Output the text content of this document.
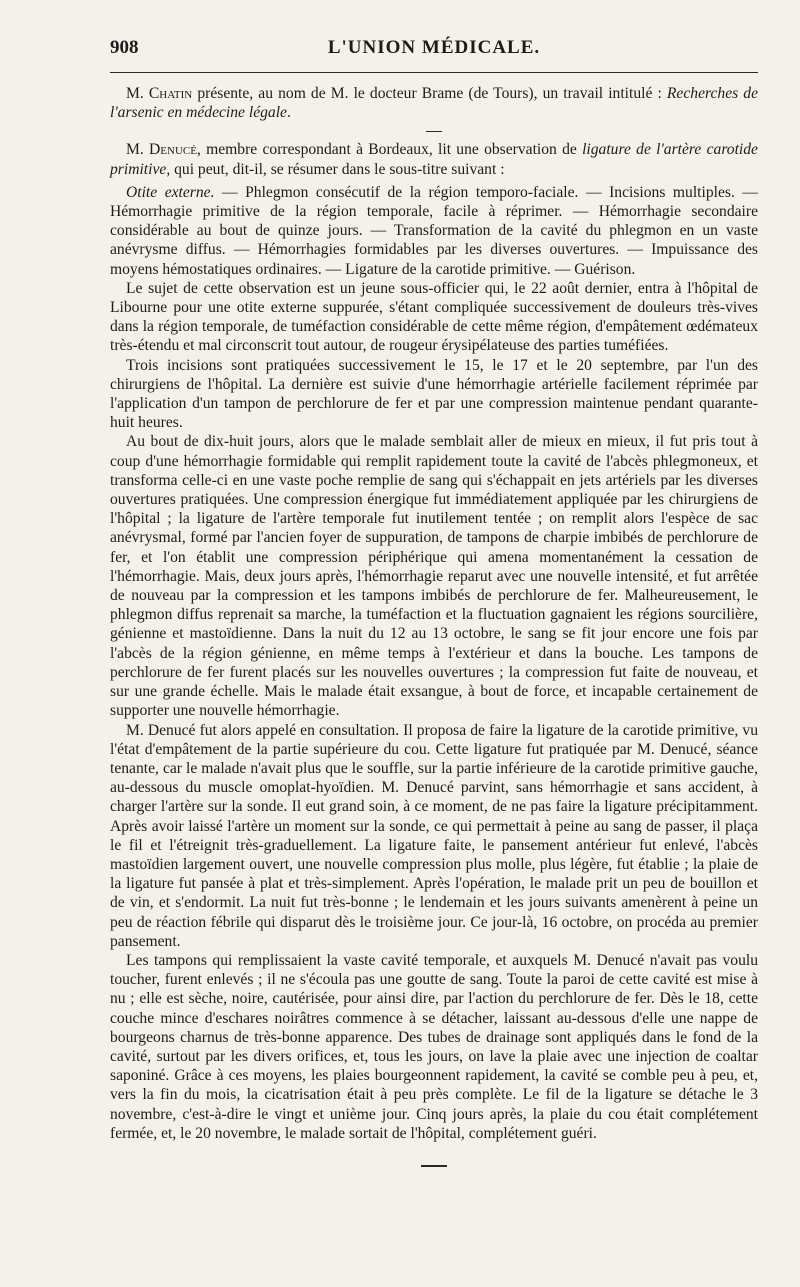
908	L'UNION MÉDICALE.

M. Chatin présente, au nom de M. le docteur Brame (de Tours), un travail intitulé : Recherches de l'arsenic en médecine légale.

M. Denucé, membre correspondant à Bordeaux, lit une observation de ligature de l'artère carotide primitive, qui peut, dit-il, se résumer dans le sous-titre suivant :

Otite externe. — Phlegmon consécutif de la région temporo-faciale. — Incisions multiples. — Hémorrhagie primitive de la région temporale, facile à réprimer. — Hémorrhagie secondaire considérable au bout de quinze jours. — Transformation de la cavité du phlegmon en un vaste anévrysme diffus. — Hémorrhagies formidables par les diverses ouvertures. — Impuissance des moyens hémostatiques ordinaires. — Ligature de la carotide primitive. — Guérison.

Le sujet de cette observation est un jeune sous-officier qui, le 22 août dernier, entra à l'hôpital de Libourne pour une otite externe suppurée, s'étant compliquée successivement de douleurs très-vives dans la région temporale, de tuméfaction considérable de cette même région, d'empâtement œdémateux très-étendu et mal circonscrit tout autour, de rougeur érysipélateuse des parties tuméfiées.

Trois incisions sont pratiquées successivement le 15, le 17 et le 20 septembre, par l'un des chirurgiens de l'hôpital. La dernière est suivie d'une hémorrhagie artérielle facilement réprimée par l'application d'un tampon de perchlorure de fer et par une compression maintenue pendant quarante-huit heures.

Au bout de dix-huit jours, alors que le malade semblait aller de mieux en mieux, il fut pris tout à coup d'une hémorrhagie formidable qui remplit rapidement toute la cavité de l'abcès phlegmoneux, et transforma celle-ci en une vaste poche remplie de sang qui s'échappait en jets artériels par les diverses ouvertures pratiquées. Une compression énergique fut immédiatement appliquée par les chirurgiens de l'hôpital ; la ligature de l'artère temporale fut inutilement tentée ; on remplit alors l'espèce de sac anévrysmal, formé par l'ancien foyer de suppuration, de tampons de charpie imbibés de perchlorure de fer, et l'on établit une compression périphérique qui amena momentanément la cessation de l'hémorrhagie. Mais, deux jours après, l'hémorrhagie reparut avec une nouvelle intensité, et fut arrêtée de nouveau par la compression et les tampons imbibés de perchlorure de fer. Malheureusement, le phlegmon diffus reprenait sa marche, la tuméfaction et la fluctuation gagnaient les régions sourcilière, génienne et mastoïdienne. Dans la nuit du 12 au 13 octobre, le sang se fit jour encore une fois par l'abcès de la région génienne, en même temps à l'extérieur et dans la bouche. Les tampons de perchlorure de fer furent placés sur les nouvelles ouvertures ; la compression fut faite de nouveau, et sur une grande échelle. Mais le malade était exsangue, à bout de force, et incapable certainement de supporter une nouvelle hémorrhagie.

M. Denucé fut alors appelé en consultation. Il proposa de faire la ligature de la carotide primitive, vu l'état d'empâtement de la partie supérieure du cou. Cette ligature fut pratiquée par M. Denucé, séance tenante, car le malade n'avait plus que le souffle, sur la partie inférieure de la carotide primitive gauche, au-dessous du muscle omoplat-hyoïdien. M. Denucé parvint, sans hémorrhagie et sans accident, à charger l'artère sur la sonde. Il eut grand soin, à ce moment, de ne pas faire la ligature précipitamment. Après avoir laissé l'artère un moment sur la sonde, ce qui permettait à peine au sang de passer, il plaça le fil et l'étreignit très-graduellement. La ligature faite, le pansement antérieur fut enlevé, l'abcès mastoïdien largement ouvert, une nouvelle compression plus molle, plus légère, fut établie ; la plaie de la ligature fut pansée à plat et très-simplement. Après l'opération, le malade prit un peu de bouillon et de vin, et s'endormit. La nuit fut très-bonne ; le lendemain et les jours suivants amenèrent à peine un peu de réaction fébrile qui disparut dès le troisième jour. Ce jour-là, 16 octobre, on procéda au premier pansement.

Les tampons qui remplissaient la vaste cavité temporale, et auxquels M. Denucé n'avait pas voulu toucher, furent enlevés ; il ne s'écoula pas une goutte de sang. Toute la paroi de cette cavité est mise à nu ; elle est sèche, noire, cautérisée, pour ainsi dire, par l'action du perchlorure de fer. Dès le 18, cette couche mince d'eschares noirâtres commence à se détacher, laissant au-dessous d'elle une nappe de bourgeons charnus de très-bonne apparence. Des tubes de drainage sont appliqués dans le fond de la cavité, surtout par les divers orifices, et, tous les jours, on lave la plaie avec une injection de coaltar saponiné. Grâce à ces moyens, les plaies bourgeonnent rapidement, la cavité se comble peu à peu, et, vers la fin du mois, la cicatrisation était à peu près complète. Le fil de la ligature se détache le 3 novembre, c'est-à-dire le vingt et unième jour. Cinq jours après, la plaie du cou était complétement fermée, et, le 20 novembre, le malade sortait de l'hôpital, complétement guéri.
